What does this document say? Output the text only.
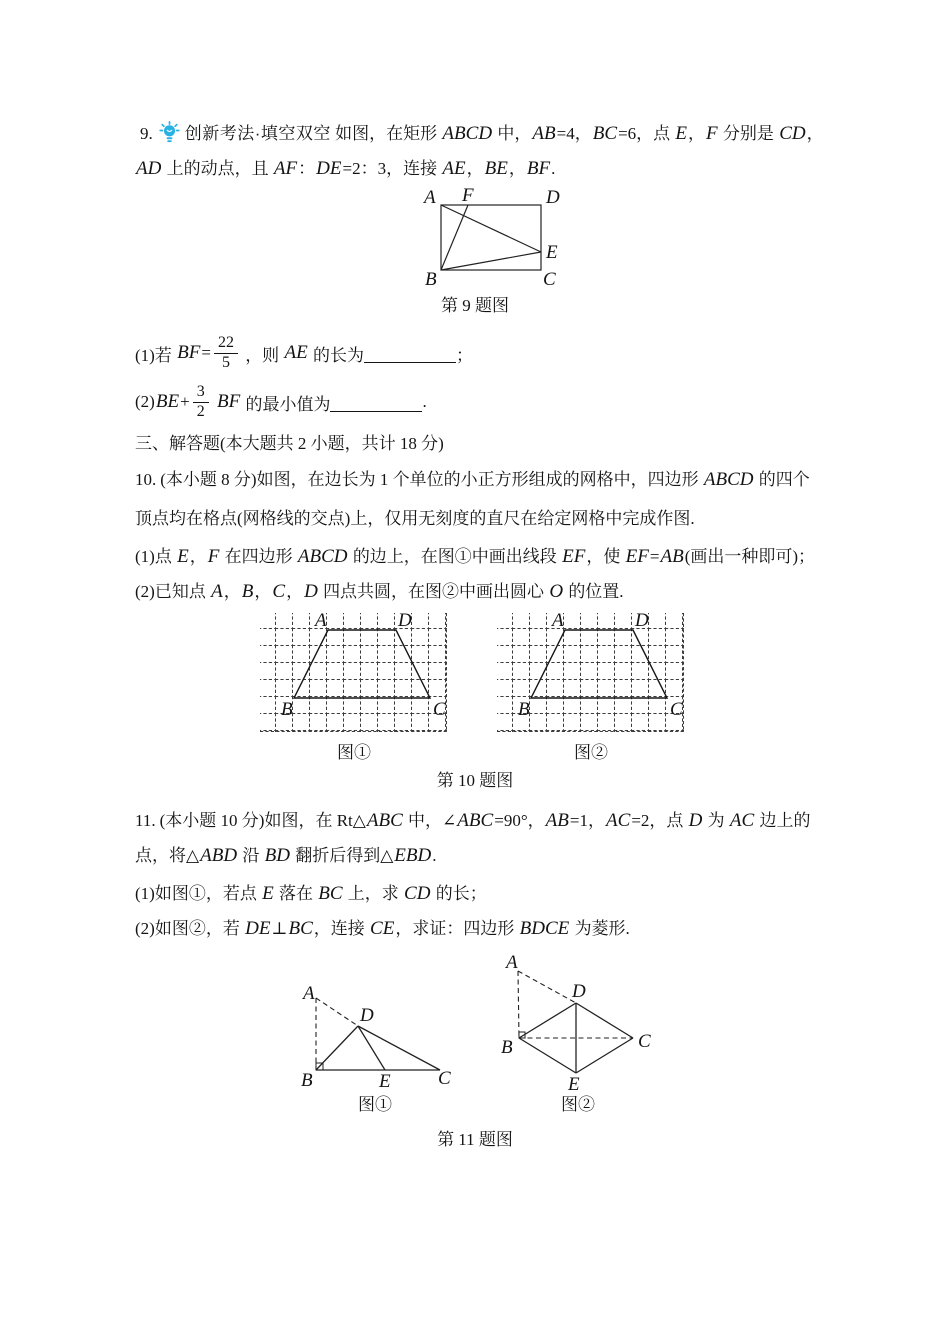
9. 创新考法·填空双空 如图，在矩形 ABCD 中，AB=4，BC=6，点 E，F 分别是 CD，
AD 上的动点，且 AF：DE=2：3，连接 AE，BE，BF.
A F	D
E
B	C
第 9 题图
(1)若 BF = $\frac{22}{5}$ ，则 AE 的长为	；
(2) BE + $\frac{3}{2}$
BF 的最小值为	.
三、解答题(本大题共 2 小题，共计 18 分)
10. (本小题 8 分)如图，在边长为 1 个单位的小正方形组成的网格中，四边形 ABCD 的四个
顶点均在格点(网格线的交点)上，仅用无刻度的直尺在给定网格中完成作图.
(1)点 E，F 在四边形 ABCD 的边上，在图①中画出线段 EF，使 EF=AB(画出一种即可)；
(2)已知点 A，B，C，D 四点共圆，在图②中画出圆心 O 的位置.
A	D
B	C
A	D
B	C
图①	图②
第 10 题图
11. (本小题 10 分)如图，在 Rt△ABC 中，∠ABC=90°，AB=1，AC=2，点 D 为 AC 边上的
点，将△ABD 沿 BD 翻折后得到△EBD.
(1)如图①，若点 E 落在 BC 上，求 CD 的长；
(2)如图②，若 DE⊥BC，连接 CE，求证：四边形 BDCE 为菱形.
A
D
B	E C
A
B
D
C
E
图①	图②
第 11 题图
